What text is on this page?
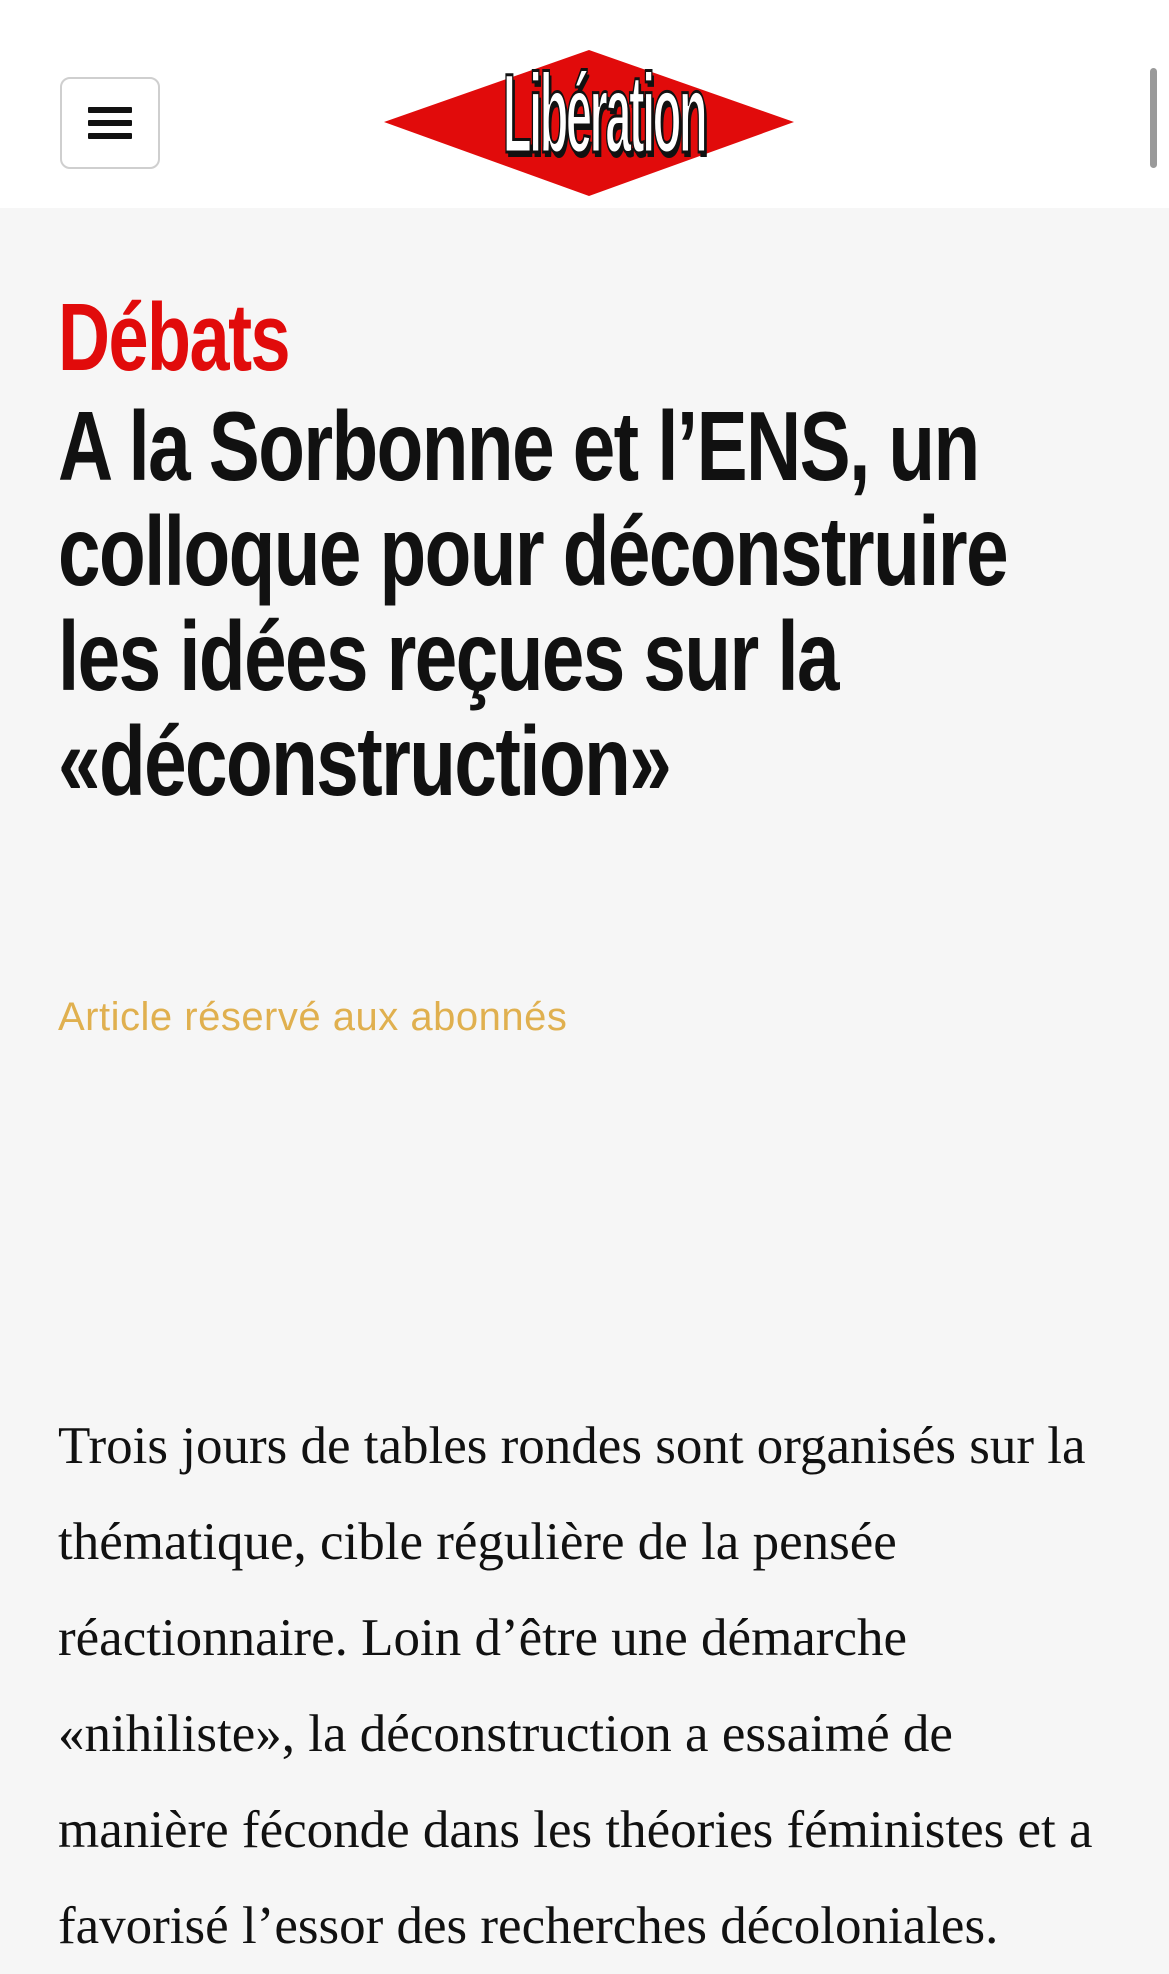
Libération
Débats
A la Sorbonne et l’ENS, un colloque pour déconstruire les idées reçues sur la «déconstruction»
Article réservé aux abonnés

Trois jours de tables rondes sont organisés sur la thématique, cible régulière de la pensée réactionnaire. Loin d’être une démarche «nihiliste», la déconstruction a essaimé de manière féconde dans les théories féministes et a favorisé l’essor des recherches décoloniales.
